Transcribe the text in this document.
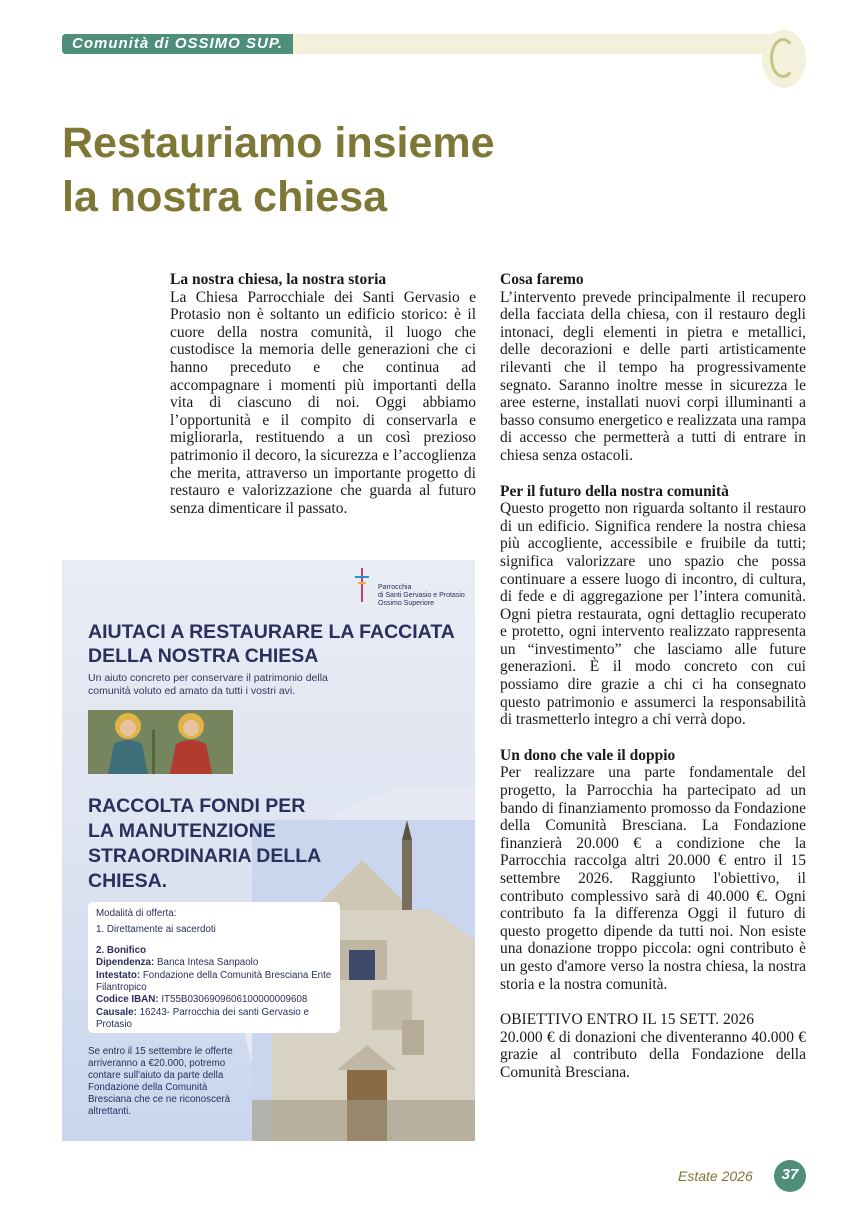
Comunità di OSSIMO SUP.
Restauriamo insieme
la nostra chiesa

La nostra chiesa, la nostra storia

La Chiesa Parrocchiale dei Santi Gervasio e Protasio non è soltanto un edificio storico: è il cuore della nostra comunità, il luogo che custodisce la memoria delle generazioni che ci hanno preceduto e che continua ad accompagnare i momenti più importanti della vita di ciascuno di noi. Oggi abbiamo l’opportunità e il compito di conservarla e migliorarla, restituendo a un così prezioso patrimonio il decoro, la sicurezza e l’accoglienza che merita, attraverso un importante progetto di restauro e valorizzazione che guarda al futuro senza dimenticare il passato.

Cosa faremo

L’intervento prevede principalmente il recupero della facciata della chiesa, con il restauro degli intonaci, degli elementi in pietra e metallici, delle decorazioni e delle parti artisticamente rilevanti che il tempo ha progressivamente segnato. Saranno inoltre messe in sicurezza le aree esterne, installati nuovi corpi illuminanti a basso consumo energetico e realizzata una rampa di accesso che permetterà a tutti di entrare in chiesa senza ostacoli.

Per il futuro della nostra comunità

Questo progetto non riguarda soltanto il restauro di un edificio. Significa rendere la nostra chiesa più accogliente, accessibile e fruibile da tutti; significa valorizzare uno spazio che possa continuare a essere luogo di incontro, di cultura, di fede e di aggregazione per l’intera comunità. Ogni pietra restaurata, ogni dettaglio recuperato e protetto, ogni intervento realizzato rappresenta un “investimento” che lasciamo alle future generazioni. È il modo concreto con cui possiamo dire grazie a chi ci ha consegnato questo patrimonio e assumerci la responsabilità di trasmetterlo integro a chi verrà dopo.

Un dono che vale il doppio

Per realizzare una parte fondamentale del progetto, la Parrocchia ha partecipato ad un bando di finanziamento promosso da Fondazione della Comunità Bresciana. La Fondazione finanzierà 20.000 € a condizione che la Parrocchia raccolga altri 20.000 € entro il 15 settembre 2026. Raggiunto l'obiettivo, il contributo complessivo sarà di 40.000 €. Ogni contributo fa la differenza Oggi il futuro di questo progetto dipende da tutti noi. Non esiste una donazione troppo piccola: ogni contributo è un gesto d'amore verso la nostra chiesa, la nostra storia e la nostra comunità.

OBIETTIVO ENTRO IL 15 SETT. 2026

20.000 € di donazioni che diventeranno 40.000 € grazie al contributo della Fondazione della Comunità Bresciana.

Parrocchia
di Santi Gervasio e Protasio
Ossimo Superiore
AIUTACI A RESTAURARE LA FACCIATA DELLA NOSTRA CHIESA
Un aiuto concreto per conservare il patrimonio della comunità voluto ed amato da tutti i vostri avi.
RACCOLTA FONDI PER LA MANUTENZIONE STRAORDINARIA DELLA CHIESA.
Modalità di offerta:
1. Direttamente ai sacerdoti
2. Bonifico
Dipendenza: Banca Intesa Sanpaolo
Intestato: Fondazione della Comunità Bresciana Ente Filantropico
Codice IBAN: IT55B0306909606100000009608
Causale: 16243- Parrocchia dei santi Gervasio e Protasio
Se entro il 15 settembre le offerte arriveranno a €20.000, potremo contare sull'aiuto da parte della Fondazione della Comunità Bresciana che ce ne riconoscerà altrettanti.
Estate 2026	37
